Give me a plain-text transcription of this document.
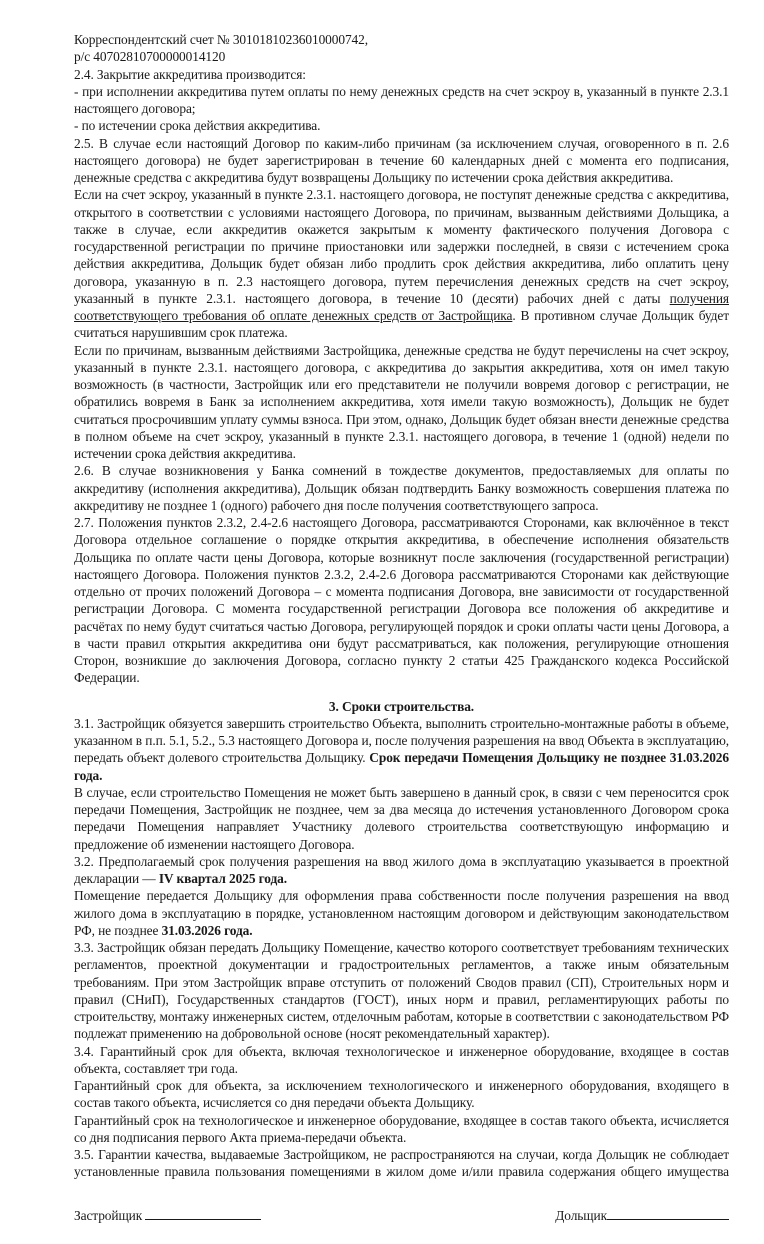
Корреспондентский счет № 30101810236010000742,

р/с 40702810700000014120

2.4. Закрытие аккредитива производится:

- при исполнении аккредитива путем оплаты по нему денежных средств на счет эскроу в, указанный в пункте 2.3.1 настоящего договора;

- по истечении срока действия аккредитива.

2.5. В случае если настоящий Договор по каким-либо причинам (за исключением случая, оговоренного в п. 2.6 настоящего договора) не будет зарегистрирован в течение 60 календарных дней с момента его подписания, денежные средства с аккредитива будут возвращены Дольщику по истечении срока действия аккредитива.

Если на счет эскроу, указанный в пункте 2.3.1. настоящего договора, не поступят денежные средства с аккредитива, открытого в соответствии с условиями настоящего Договора, по причинам, вызванным действиями Дольщика, а также в случае, если аккредитив окажется закрытым к моменту фактического получения Договора с государственной регистрации по причине приостановки или задержки последней, в связи с истечением срока действия аккредитива, Дольщик будет обязан либо продлить срок действия аккредитива, либо оплатить цену договора, указанную в п. 2.3 настоящего договора, путем перечисления денежных средств на счет эскроу, указанный в пункте 2.3.1. настоящего договора, в течение 10 (десяти) рабочих дней с даты получения соответствующего требования об оплате денежных средств от Застройщика. В противном случае Дольщик будет считаться нарушившим срок платежа.

Если по причинам, вызванным действиями Застройщика, денежные средства не будут перечислены на счет эскроу, указанный в пункте 2.3.1. настоящего договора, с аккредитива до закрытия аккредитива, хотя он имел такую возможность (в частности, Застройщик или его представители не получили вовремя договор с регистрации, не обратились вовремя в Банк за исполнением аккредитива, хотя имели такую возможность), Дольщик не будет считаться просрочившим уплату суммы взноса. При этом, однако, Дольщик будет обязан внести денежные средства в полном объеме на счет эскроу, указанный в пункте 2.3.1. настоящего договора, в течение 1 (одной) недели по истечении срока действия аккредитива.

2.6. В случае возникновения у Банка сомнений в тождестве документов, предоставляемых для оплаты по аккредитиву (исполнения аккредитива), Дольщик обязан подтвердить Банку возможность совершения платежа по аккредитиву не позднее 1 (одного) рабочего дня после получения соответствующего запроса.

2.7. Положения пунктов 2.3.2, 2.4-2.6 настоящего Договора, рассматриваются Сторонами, как включённое в текст Договора отдельное соглашение о порядке открытия аккредитива, в обеспечение исполнения обязательств Дольщика по оплате части цены Договора, которые возникнут после заключения (государственной регистрации) настоящего Договора. Положения пунктов 2.3.2, 2.4-2.6 Договора рассматриваются Сторонами как действующие отдельно от прочих положений Договора – с момента подписания Договора, вне зависимости от государственной регистрации Договора. С момента государственной регистрации Договора все положения об аккредитиве и расчётах по нему будут считаться частью Договора, регулирующей порядок и сроки оплаты части цены Договора, а в части правил открытия аккредитива они будут рассматриваться, как положения, регулирующие отношения Сторон, возникшие до заключения Договора, согласно пункту 2 статьи 425 Гражданского кодекса Российской Федерации.

3. Сроки строительства.

3.1. Застройщик обязуется завершить строительство Объекта, выполнить строительно-монтажные работы в объеме, указанном в п.п. 5.1, 5.2., 5.3 настоящего Договора и, после получения разрешения на ввод Объекта в эксплуатацию, передать объект долевого строительства Дольщику. Срок передачи Помещения Дольщику не позднее 31.03.2026 года.

В случае, если строительство Помещения не может быть завершено в данный срок, в связи с чем переносится срок передачи Помещения, Застройщик не позднее, чем за два месяца до истечения установленного Договором срока передачи Помещения направляет Участнику долевого строительства соответствующую информацию и предложение об изменении настоящего Договора.

3.2. Предполагаемый срок получения разрешения на ввод жилого дома в эксплуатацию указывается в проектной декларации — IV квартал 2025 года.

Помещение передается Дольщику для оформления права собственности после получения разрешения на ввод жилого дома в эксплуатацию в порядке, установленном настоящим договором и действующим законодательством РФ, не позднее 31.03.2026 года.

3.3. Застройщик обязан передать Дольщику Помещение, качество которого соответствует требованиям технических регламентов, проектной документации и градостроительных регламентов, а также иным обязательным требованиям. При этом Застройщик вправе отступить от положений Сводов правил (СП), Строительных норм и правил (СНиП), Государственных стандартов (ГОСТ), иных норм и правил, регламентирующих работы по строительству, монтажу инженерных систем, отделочным работам, которые в соответствии с законодательством РФ подлежат применению на добровольной основе (носят рекомендательный характер).

3.4. Гарантийный срок для объекта, включая технологическое и инженерное оборудование, входящее в состав объекта, составляет три года.

Гарантийный срок для объекта, за исключением технологического и инженерного оборудования, входящего в состав такого объекта, исчисляется со дня передачи объекта Дольщику.

Гарантийный срок на технологическое и инженерное оборудование, входящее в состав такого объекта, исчисляется со дня подписания первого Акта приема-передачи объекта.

3.5. Гарантии качества, выдаваемые Застройщиком, не распространяются на случаи, когда Дольщик не соблюдает установленные правила пользования помещениями в жилом доме и/или правила содержания общего имущества

Застройщик	Дольщик
